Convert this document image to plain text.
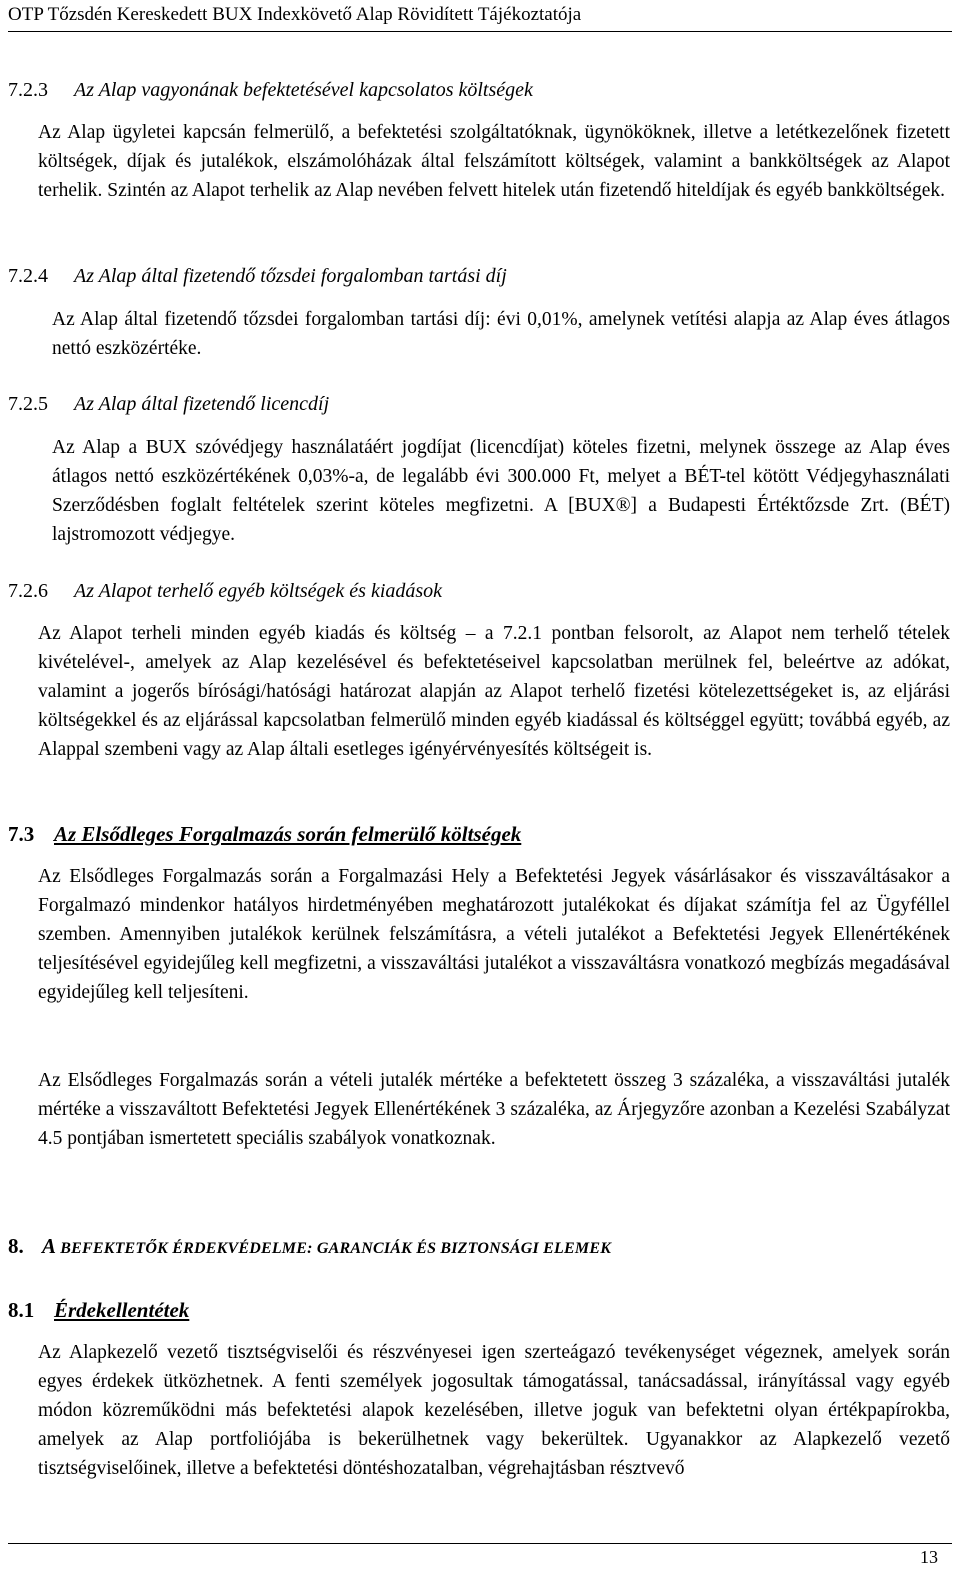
OTP Tőzsdén Kereskedett BUX Indexkövető Alap Rövidített Tájékoztatója
7.2.3 Az Alap vagyonának befektetésével kapcsolatos költségek
Az Alap ügyletei kapcsán felmerülő, a befektetési szolgáltatóknak, ügynököknek, illetve a letétkezelőnek fizetett költségek, díjak és jutalékok, elszámolóházak által felszámított költségek, valamint a bankköltségek az Alapot terhelik. Szintén az Alapot terhelik az Alap nevében felvett hitelek után fizetendő hiteldíjak és egyéb bankköltségek.
7.2.4 Az Alap által fizetendő tőzsdei forgalomban tartási díj
Az Alap által fizetendő tőzsdei forgalomban tartási díj: évi 0,01%, amelynek vetítési alapja az Alap éves átlagos nettó eszközértéke.
7.2.5 Az Alap által fizetendő licencdíj
Az Alap a BUX szóvédjegy használatáért jogdíjat (licencdíjat) köteles fizetni, melynek összege az Alap éves átlagos nettó eszközértékének 0,03%-a, de legalább évi 300.000 Ft, melyet a BÉT-tel kötött Védjegyhasználati Szerződésben foglalt feltételek szerint köteles megfizetni. A [BUX®] a Budapesti Értéktőzsde Zrt. (BÉT) lajstromozott védjegye.
7.2.6 Az Alapot terhelő egyéb költségek és kiadások
Az Alapot terheli minden egyéb kiadás és költség – a 7.2.1 pontban felsorolt, az Alapot nem terhelő tételek kivételével-, amelyek az Alap kezelésével és befektetéseivel kapcsolatban merülnek fel, beleértve az adókat, valamint a jogerős bírósági/hatósági határozat alapján az Alapot terhelő fizetési kötelezettségeket is, az eljárási költségekkel és az eljárással kapcsolatban felmerülő minden egyéb kiadással és költséggel együtt; továbbá egyéb, az Alappal szembeni vagy az Alap általi esetleges igényérvényesítés költségeit is.
7.3 Az Elsődleges Forgalmazás során felmerülő költségek
Az Elsődleges Forgalmazás során a Forgalmazási Hely a Befektetési Jegyek vásárlásakor és visszaváltásakor a Forgalmazó mindenkor hatályos hirdetményében meghatározott jutalékokat és díjakat számítja fel az Ügyféllel szemben. Amennyiben jutalékok kerülnek felszámításra, a vételi jutalékot a Befektetési Jegyek Ellenértékének teljesítésével egyidejűleg kell megfizetni, a visszaváltási jutalékot a visszaváltásra vonatkozó megbízás megadásával egyidejűleg kell teljesíteni.
Az Elsődleges Forgalmazás során a vételi jutalék mértéke a befektetett összeg 3 százaléka, a visszaváltási jutalék mértéke a visszaváltott Befektetési Jegyek Ellenértékének 3 százaléka, az Árjegyzőre azonban a Kezelési Szabályzat 4.5 pontjában ismertetett speciális szabályok vonatkoznak.
8. A BEFEKTETŐK ÉRDEKVÉDELME: GARANCIÁK ÉS BIZTONSÁGI ELEMEK
8.1 Érdekellentétek
Az Alapkezelő vezető tisztségviselői és részvényesei igen szerteágazó tevékenységet végeznek, amelyek során egyes érdekek ütközhetnek. A fenti személyek jogosultak támogatással, tanácsadással, irányítással vagy egyéb módon közreműködni más befektetési alapok kezelésében, illetve joguk van befektetni olyan értékpapírokba, amelyek az Alap portfoliójába is bekerülhetnek vagy bekerültek. Ugyanakkor az Alapkezelő vezető tisztségviselőinek, illetve a befektetési döntéshozatalban, végrehajtásban résztvevő
13
